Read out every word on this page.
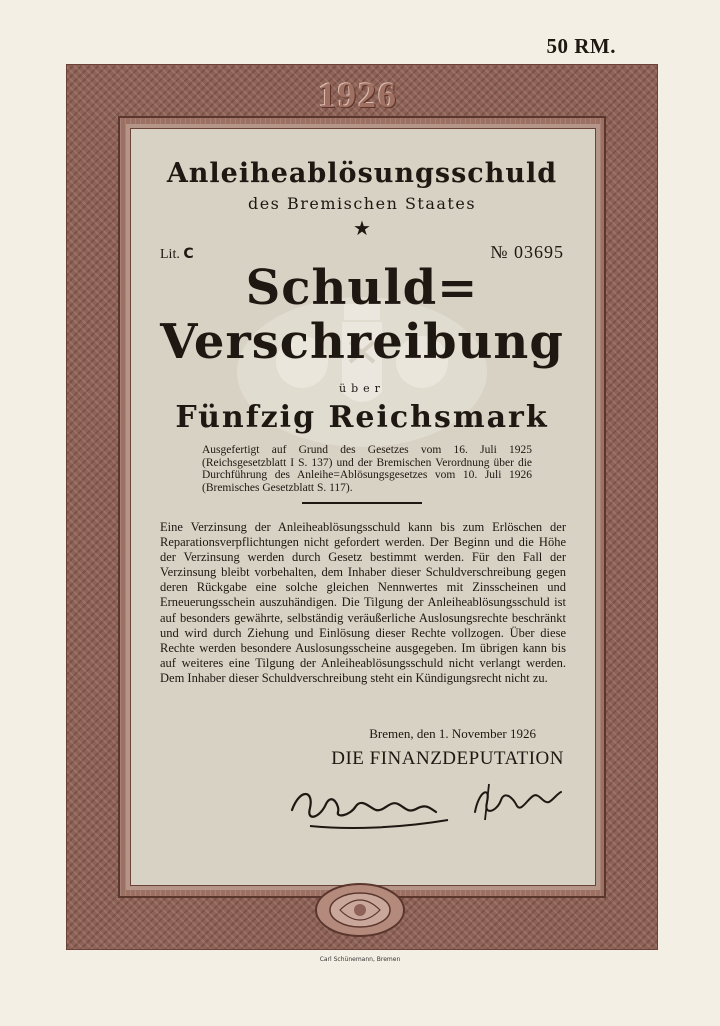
50 RM.
1926
Anleiheablösungsschuld
des Bremischen Staates
★
Lit. C	№ 03695
Schuld=
Verschreibung
über
Fünfzig Reichsmark
Ausgefertigt auf Grund des Gesetzes vom 16. Juli 1925 (Reichsgesetzblatt I S. 137) und der Bremischen Verordnung über die Durchführung des Anleihe=Ablösungsgesetzes vom 10. Juli 1926 (Bremisches Gesetzblatt S. 117).
Eine Verzinsung der Anleiheablösungsschuld kann bis zum Erlöschen der Reparationsverpflichtungen nicht gefordert werden. Der Beginn und die Höhe der Verzinsung werden durch Gesetz bestimmt werden. Für den Fall der Verzinsung bleibt vorbehalten, dem Inhaber dieser Schuldverschreibung gegen deren Rückgabe eine solche gleichen Nennwertes mit Zinsscheinen und Erneuerungsschein auszuhändigen. Die Tilgung der Anleiheablösungsschuld ist auf besonders gewährte, selbständig veräußerliche Auslosungsrechte beschränkt und wird durch Ziehung und Einlösung dieser Rechte vollzogen. Über diese Rechte werden besondere Auslosungsscheine ausgegeben. Im übrigen kann bis auf weiteres eine Tilgung der Anleiheablösungsschuld nicht verlangt werden. Dem Inhaber dieser Schuldverschreibung steht ein Kündigungsrecht nicht zu.
Bremen, den 1. November 1926
DIE FINANZDEPUTATION
Carl Schünemann, Bremen
